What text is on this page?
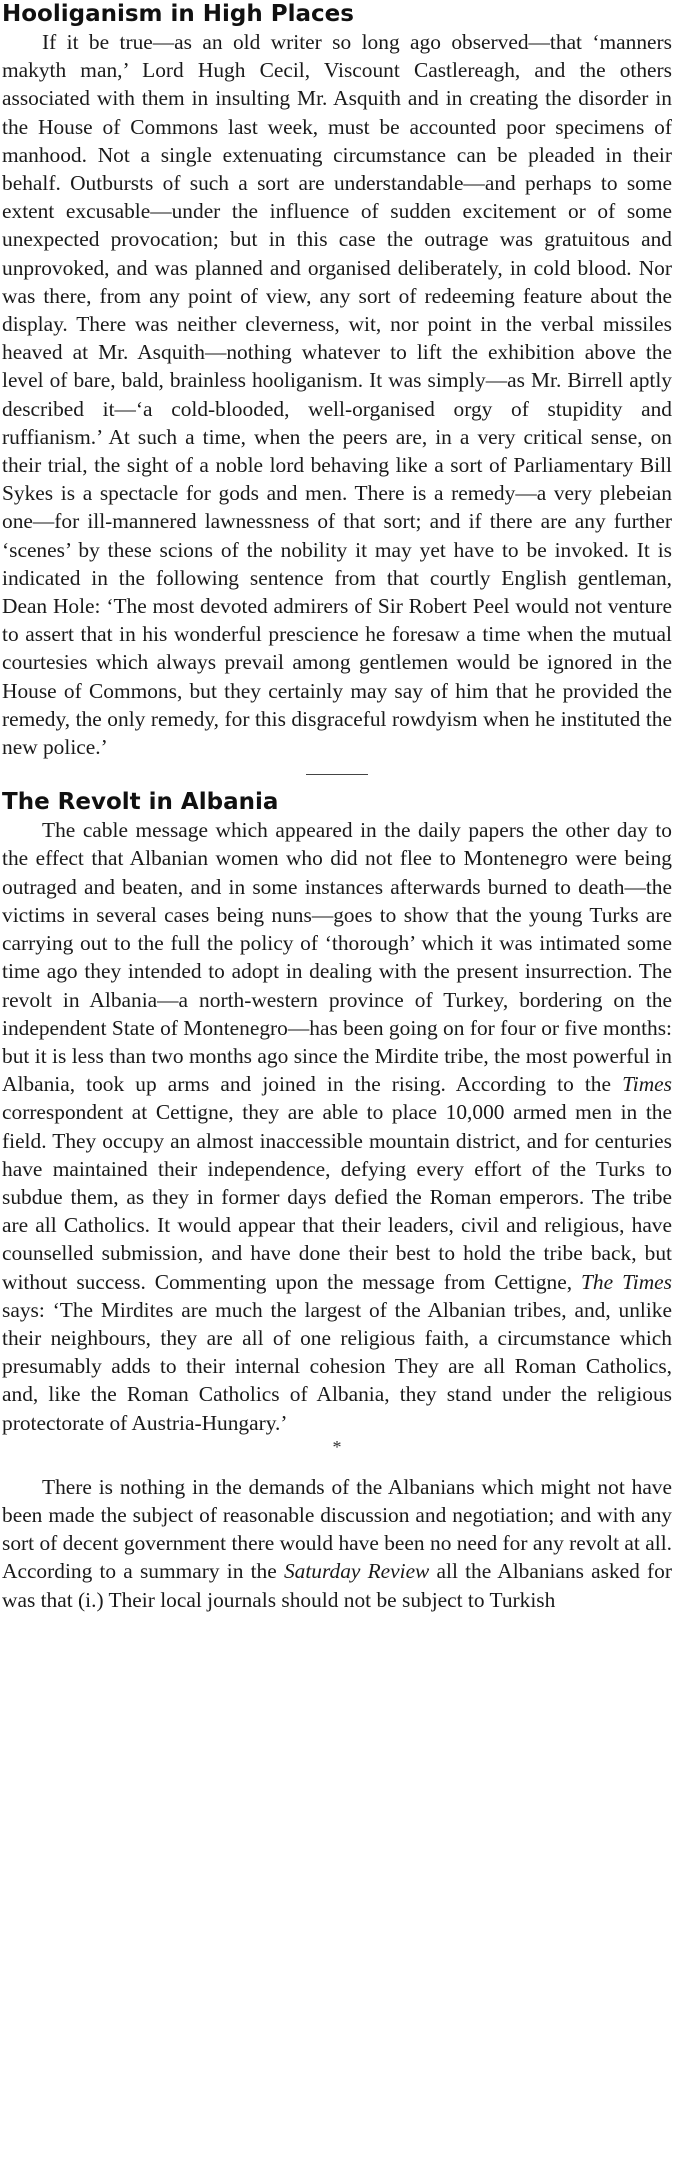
Hooliganism in High Places

If it be true—as an old writer so long ago observed—that ‘manners makyth man,’ Lord Hugh Cecil, Viscount Castlereagh, and the others associated with them in insulting Mr. Asquith and in creating the disorder in the House of Commons last week, must be accounted poor specimens of manhood. Not a single extenuating circumstance can be pleaded in their behalf. Outbursts of such a sort are understandable—and perhaps to some extent excusable—under the influence of sudden excitement or of some unexpected provocation; but in this case the outrage was gratuitous and unprovoked, and was planned and organised deliberately, in cold blood. Nor was there, from any point of view, any sort of redeeming feature about the display. There was neither cleverness, wit, nor point in the verbal missiles heaved at Mr. Asquith—nothing whatever to lift the exhibition above the level of bare, bald, brainless hooliganism. It was simply—as Mr. Birrell aptly described it—‘a cold-blooded, well-organised orgy of stupidity and ruffianism.’ At such a time, when the peers are, in a very critical sense, on their trial, the sight of a noble lord behaving like a sort of Parliamentary Bill Sykes is a spectacle for gods and men. There is a remedy—a very plebeian one—for ill-mannered lawnessness of that sort; and if there are any further ‘scenes’ by these scions of the nobility it may yet have to be invoked. It is indicated in the following sentence from that courtly English gentleman, Dean Hole: ‘The most devoted admirers of Sir Robert Peel would not venture to assert that in his wonderful prescience he foresaw a time when the mutual courtesies which always prevail among gentlemen would be ignored in the House of Commons, but they certainly may say of him that he provided the remedy, the only remedy, for this disgraceful rowdyism when he instituted the new police.’

The Revolt in Albania

The cable message which appeared in the daily papers the other day to the effect that Albanian women who did not flee to Montenegro were being outraged and beaten, and in some instances afterwards burned to death—the victims in several cases being nuns—goes to show that the young Turks are carrying out to the full the policy of ‘thorough’ which it was intimated some time ago they intended to adopt in dealing with the present insurrection. The revolt in Albania—a north-western province of Turkey, bordering on the independent State of Montenegro—has been going on for four or five months: but it is less than two months ago since the Mirdite tribe, the most powerful in Albania, took up arms and joined in the rising. According to the Times correspondent at Cettigne, they are able to place 10,000 armed men in the field. They occupy an almost inaccessible mountain district, and for centuries have maintained their independence, defying every effort of the Turks to subdue them, as they in former days defied the Roman emperors. The tribe are all Catholics. It would appear that their leaders, civil and religious, have counselled submission, and have done their best to hold the tribe back, but without success. Commenting upon the message from Cettigne, The Times says: ‘The Mirdites are much the largest of the Albanian tribes, and, unlike their neighbours, they are all of one religious faith, a circumstance which presumably adds to their internal cohesion They are all Roman Catholics, and, like the Roman Catholics of Albania, they stand under the religious protectorate of Austria-Hungary.’

*

There is nothing in the demands of the Albanians which might not have been made the subject of reasonable discussion and negotiation; and with any sort of decent government there would have been no need for any revolt at all. According to a summary in the Saturday Review all the Albanians asked for was that (i.) Their local journals should not be subject to Turkish
